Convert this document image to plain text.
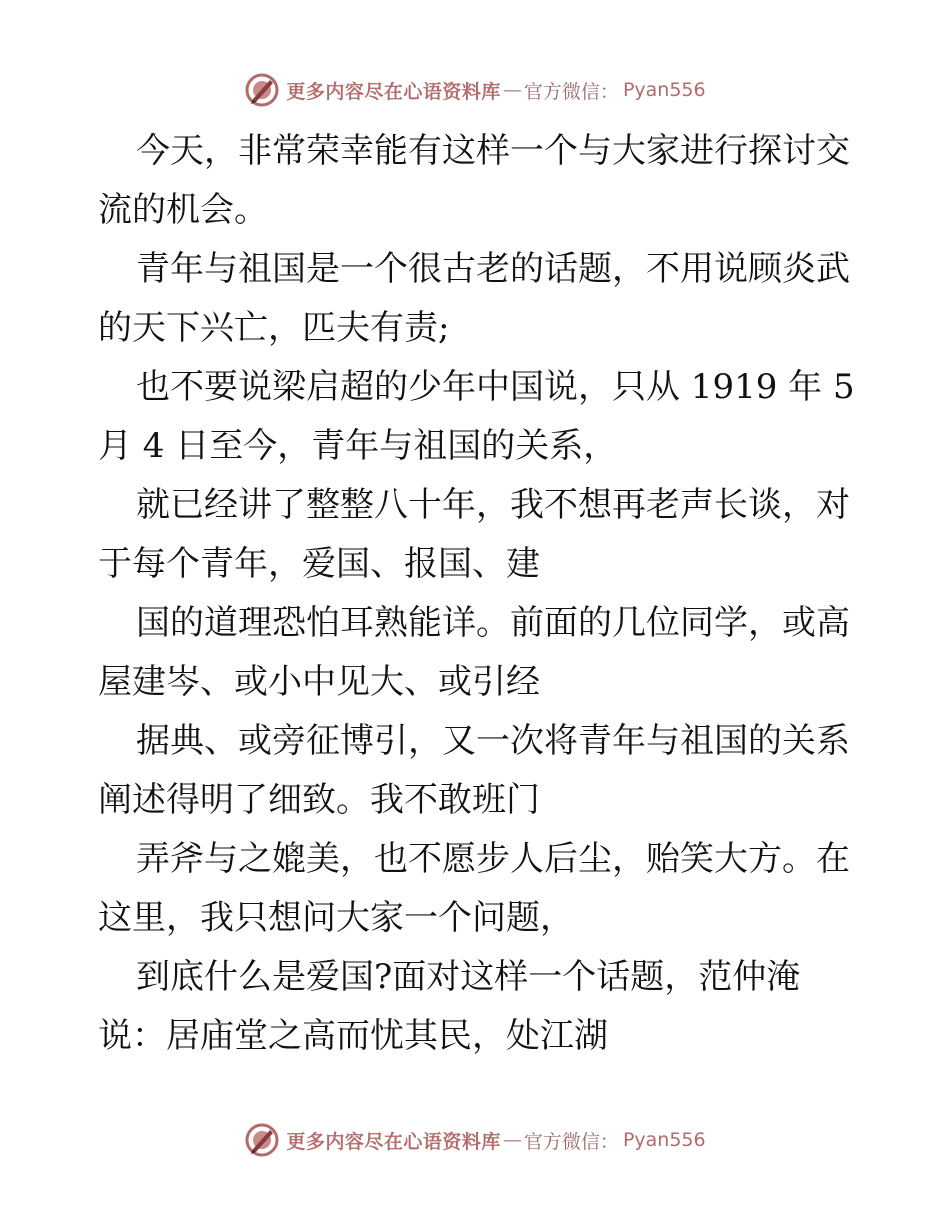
更多内容尽在心语资料库 — 官方微信： Pyan556
今天，非常荣幸能有这样一个与大家进行探讨交
流的机会。
青年与祖国是一个很古老的话题，不用说顾炎武
的天下兴亡，匹夫有责;
也不要说梁启超的少年中国说，只从 1919 年 5
月 4 日至今，青年与祖国的关系，
就已经讲了整整八十年，我不想再老声长谈，对
于每个青年，爱国、报国、建
国的道理恐怕耳熟能详。前面的几位同学，或高
屋建岑、或小中见大、或引经
据典、或旁征博引，又一次将青年与祖国的关系
阐述得明了细致。我不敢班门
弄斧与之媲美，也不愿步人后尘，贻笑大方。在
这里，我只想问大家一个问题，
到底什么是爱国?面对这样一个话题，范仲淹
说：居庙堂之高而忧其民，处江湖
更多内容尽在心语资料库 — 官方微信： Pyan556
